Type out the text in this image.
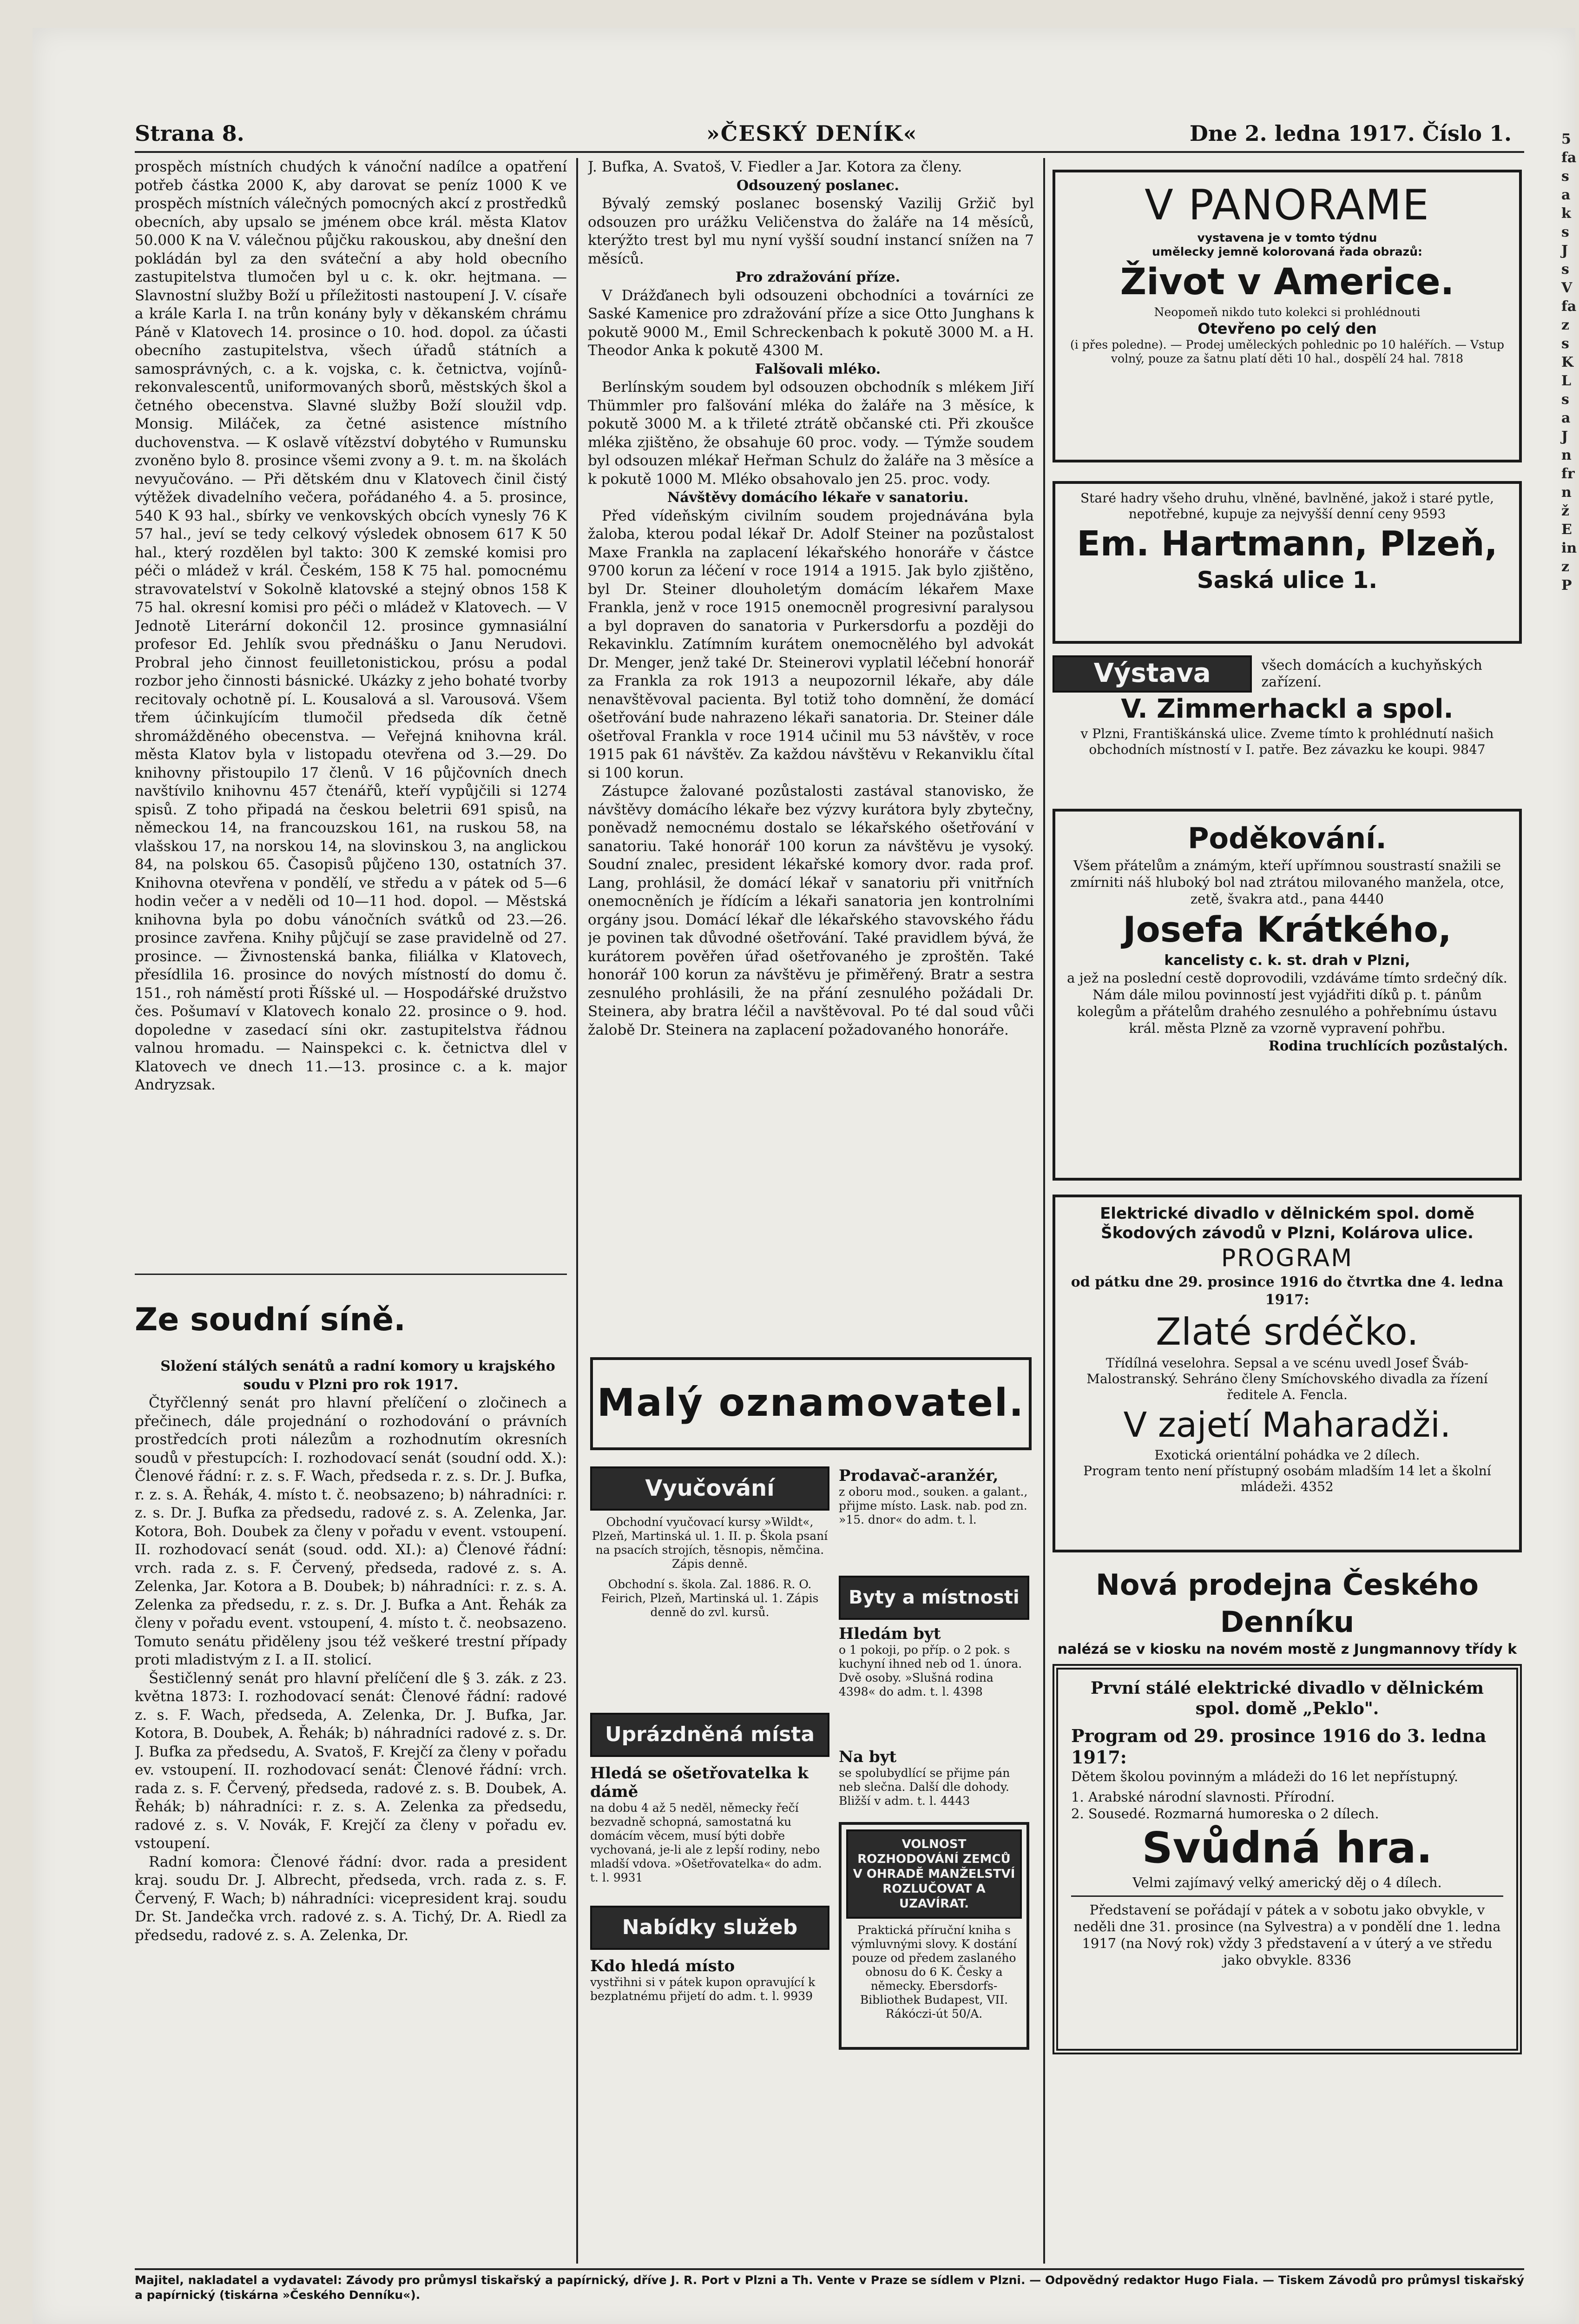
Strana 8.	»ČESKÝ DENÍK«	Dne 2. ledna 1917. Číslo 1.

prospěch místních chudých k vánoční nadílce a opatření potřeb částka 2000 K, aby darovat se peníz 1000 K ve prospěch místních válečných pomocných akcí z prostředků obecních, aby upsalo se jménem obce král. města Klatov 50.000 K na V. válečnou půjčku rakouskou, aby dnešní den pokládán byl za den sváteční a aby hold obecního zastupitelstva tlumočen byl u c. k. okr. hejtmana. — Slavnostní služby Boží u příležitosti nastoupení J. V. císaře a krále Karla I. na trůn konány byly v děkanském chrámu Páně v Klatovech 14. prosince o 10. hod. dopol. za účasti obecního zastupitelstva, všech úřadů státních a samosprávných, c. a k. vojska, c. k. četnictva, vojínů-rekonvalescentů, uniformovaných sborů, městských škol a četného obecenstva. Slavné služby Boží sloužil vdp. Monsig. Miláček, za četné asistence místního duchovenstva. — K oslavě vítězství dobytého v Rumunsku zvoněno bylo 8. prosince všemi zvony a 9. t. m. na školách nevyučováno. — Při dětském dnu v Klatovech činil čistý výtěžek divadelního večera, pořádaného 4. a 5. prosince, 540 K 93 hal., sbírky ve venkovských obcích vynesly 76 K 57 hal., jeví se tedy celkový výsledek obnosem 617 K 50 hal., který rozdělen byl takto: 300 K zemské komisi pro péči o mládež v král. Českém, 158 K 75 hal. pomocnému stravovatelství v Sokolně klatovské a stejný obnos 158 K 75 hal. okresní komisi pro péči o mládež v Klatovech. — V Jednotě Literární dokončil 12. prosince gymnasiální profesor Ed. Jehlík svou přednášku o Janu Nerudovi. Probral jeho činnost feuilletonistickou, prósu a podal rozbor jeho činnosti básnické. Ukázky z jeho bohaté tvorby recitovaly ochotně pí. L. Kousalová a sl. Varousová. Všem třem účinkujícím tlumočil předseda dík četně shromážděného obecenstva. — Veřejná knihovna král. města Klatov byla v listopadu otevřena od 3.—29. Do knihovny přistoupilo 17 členů. V 16 půjčovních dnech navštívilo knihovnu 457 čtenářů, kteří vypůjčili si 1274 spisů. Z toho připadá na českou beletrii 691 spisů, na německou 14, na francouzskou 161, na ruskou 58, na vlašskou 17, na norskou 14, na slovinskou 3, na anglickou 84, na polskou 65. Časopisů půjčeno 130, ostatních 37. Knihovna otevřena v pondělí, ve středu a v pátek od 5—6 hodin večer a v neděli od 10—11 hod. dopol. — Městská knihovna byla po dobu vánočních svátků od 23.—26. prosince zavřena. Knihy půjčují se zase pravidelně od 27. prosince. — Živnostenská banka, filiálka v Klatovech, přesídlila 16. prosince do nových místností do domu č. 151., roh náměstí proti Říšské ul. — Hospodářské družstvo čes. Pošumaví v Klatovech konalo 22. prosince o 9. hod. dopoledne v zasedací síni okr. zastupitelstva řádnou valnou hromadu. — Nainspekci c. k. četnictva dlel v Klatovech ve dnech 11.—13. prosince c. a k. major Andryzsak.

Ze soudní síně.

Složení stálých senátů a radní komory u krajského soudu v Plzni pro rok 1917.

Čtyřčlenný senát pro hlavní přelíčení o zločinech a přečinech, dále projednání o rozhodování o právních prostředcích proti nálezům a rozhodnutím okresních soudů v přestupcích: I. rozhodovací senát (soudní odd. X.): Členové řádní: r. z. s. F. Wach, předseda r. z. s. Dr. J. Bufka, r. z. s. A. Řehák, 4. místo t. č. neobsazeno; b) náhradníci: r. z. s. Dr. J. Bufka za předsedu, radové z. s. A. Zelenka, Jar. Kotora, Boh. Doubek za členy v pořadu v event. vstoupení. II. rozhodovací senát (soud. odd. XI.): a) Členové řádní: vrch. rada z. s. F. Červený, předseda, radové z. s. A. Zelenka, Jar. Kotora a B. Doubek; b) náhradníci: r. z. s. A. Zelenka za předsedu, r. z. s. Dr. J. Bufka a Ant. Řehák za členy v pořadu event. vstoupení, 4. místo t. č. neobsazeno. Tomuto senátu přiděleny jsou též veškeré trestní případy proti mladistvým z I. a II. stolicí.

Šestičlenný senát pro hlavní přelíčení dle § 3. zák. z 23. května 1873: I. rozhodovací senát: Členové řádní: radové z. s. F. Wach, předseda, A. Zelenka, Dr. J. Bufka, Jar. Kotora, B. Doubek, A. Řehák; b) náhradníci radové z. s. Dr. J. Bufka za předsedu, A. Svatoš, F. Krejčí za členy v pořadu ev. vstoupení. II. rozhodovací senát: Členové řádní: vrch. rada z. s. F. Červený, předseda, radové z. s. B. Doubek, A. Řehák; b) náhradníci: r. z. s. A. Zelenka za předsedu, radové z. s. V. Novák, F. Krejčí za členy v pořadu ev. vstoupení.

Radní komora: Členové řádní: dvor. rada a president kraj. soudu Dr. J. Albrecht, předseda, vrch. rada z. s. F. Červený, F. Wach; b) náhradníci: vicepresident kraj. soudu Dr. St. Jandečka vrch. radové z. s. A. Tichý, Dr. A. Riedl za předsedu, radové z. s. A. Zelenka, Dr.

J. Bufka, A. Svatoš, V. Fiedler a Jar. Kotora za členy.

Odsouzený poslanec.

Bývalý zemský poslanec bosenský Vazilij Gržič byl odsouzen pro urážku Veličenstva do žaláře na 14 měsíců, kterýžto trest byl mu nyní vyšší soudní instancí snížen na 7 měsíců.

Pro zdražování příze.

V Drážďanech byli odsouzeni obchodníci a továrníci ze Saské Kamenice pro zdražování příze a sice Otto Junghans k pokutě 9000 M., Emil Schreckenbach k pokutě 3000 M. a H. Theodor Anka k pokutě 4300 M.

Falšovali mléko.

Berlínským soudem byl odsouzen obchodník s mlékem Jiří Thümmler pro falšování mléka do žaláře na 3 měsíce, k pokutě 3000 M. a k třileté ztrátě občanské cti. Při zkoušce mléka zjištěno, že obsahuje 60 proc. vody. — Týmže soudem byl odsouzen mlékař Heřman Schulz do žaláře na 3 měsíce a k pokutě 1000 M. Mléko obsahovalo jen 25. proc. vody.

Návštěvy domácího lékaře v sanatoriu.

Před vídeňským civilním soudem projednávána byla žaloba, kterou podal lékař Dr. Adolf Steiner na pozůstalost Maxe Frankla na zaplacení lékařského honoráře v částce 9700 korun za léčení v roce 1914 a 1915. Jak bylo zjištěno, byl Dr. Steiner dlouholetým domácím lékařem Maxe Frankla, jenž v roce 1915 onemocněl progresivní paralysou a byl dopraven do sanatoria v Purkersdorfu a později do Rekavinklu. Zatímním kurátem onemocnělého byl advokát Dr. Menger, jenž také Dr. Steinerovi vyplatil léčební honorář za Frankla za rok 1913 a neupozornil lékaře, aby dále nenavštěvoval pacienta. Byl totiž toho domnění, že domácí ošetřování bude nahrazeno lékaři sanatoria. Dr. Steiner dále ošetřoval Frankla v roce 1914 učinil mu 53 návštěv, v roce 1915 pak 61 návštěv. Za každou návštěvu v Rekanviklu čítal si 100 korun.

Zástupce žalované pozůstalosti zastával stanovisko, že návštěvy domácího lékaře bez výzvy kurátora byly zbytečny, poněvadž nemocnému dostalo se lékařského ošetřování v sanatoriu. Také honorář 100 korun za návštěvu je vysoký. Soudní znalec, president lékařské komory dvor. rada prof. Lang, prohlásil, že domácí lékař v sanatoriu při vnitřních onemocněních je řídícím a lékaři sanatoria jen kontrolními orgány jsou. Domácí lékař dle lékařského stavovského řádu je povinen tak důvodné ošetřování. Také pravidlem bývá, že kurátorem pověřen úřad ošetřovaného je zproštěn. Také honorář 100 korun za návštěvu je přiměřený. Bratr a sestra zesnulého prohlásili, že na přání zesnulého požádali Dr. Steinera, aby bratra léčil a navštěvoval. Po té dal soud vůči žalobě Dr. Steinera na zaplacení požadovaného honoráře.

Malý oznamovatel.
Vyučování
Obchodní vyučovací kursy »Wildt«, Plzeň, Martinská ul. 1. II. p. Škola psaní na psacích strojích, těsnopis, němčina. Zápis denně.
Obchodní s. škola. Zal. 1886. R. O. Feirich, Plzeň, Martinská ul. 1. Zápis denně do zvl. kursů.
Uprázdněná místa
Hledá se ošetřovatelka k dámě
na dobu 4 až 5 neděl, německy řečí bezvadně schopná, samostatná ku domácím věcem, musí býti dobře vychovaná, je-li ale z lepší rodiny, nebo mladší vdova. »Ošetřovatelka« do adm. t. l. 9931
Nabídky služeb
Kdo hledá místo
vystřihni si v pátek kupon opravující k bezplatnému přijetí do adm. t. l. 9939
Prodavač-aranžér,
z oboru mod., souken. a galant., přijme místo. Lask. nab. pod zn. »15. dnor« do adm. t. l.
Byty a místnosti
Hledám byt
o 1 pokoji, po příp. o 2 pok. s kuchyní ihned neb od 1. února. Dvě osoby. »Slušná rodina 4398« do adm. t. l. 4398
Na byt
se spolubydlící se přijme pán neb slečna. Další dle dohody. Bližší v adm. t. l. 4443
VOLNOST ROZHODOVÁNÍ ZEMCŮ V OHRADĚ MANŽELSTVÍ ROZLUČOVAT A UZAVÍRAT.
Praktická příruční kniha s výmluvnými slovy. K dostání pouze od předem zaslaného obnosu do 6 K. Česky a německy. Ebersdorfs-Bibliothek Budapest, VII. Rákóczi-út 50/A.
V PANORAME
vystavena je v tomto týdnu
umělecky jemně kolorovaná řada obrazů:
Život v Americe.
Neopomeň nikdo tuto kolekci si prohlédnouti
Otevřeno po celý den
(i přes poledne). — Prodej uměleckých pohlednic po 10 haléřích. — Vstup volný, pouze za šatnu platí děti 10 hal., dospělí 24 hal. 7818
Staré hadry všeho druhu, vlněné, bavlněné, jakož i staré pytle, nepotřebné, kupuje za nejvyšší denní ceny 9593
Em. Hartmann, Plzeň,
Saská ulice 1.
Výstava	všech domácích a kuchyňských zařízení.
V. Zimmerhackl a spol.
v Plzni, Františkánská ulice. Zveme tímto k prohlédnutí našich obchodních místností v I. patře. Bez závazku ke koupi. 9847
Poděkování.
Všem přátelům a známým, kteří upřímnou soustrastí snažili se zmírniti náš hluboký bol nad ztrátou milovaného manžela, otce, zetě, švakra atd., pana 4440
Josefa Krátkého,
kancelisty c. k. st. drah v Plzni,
a jež na poslední cestě doprovodili, vzdáváme tímto srdečný dík.
Nám dále milou povinností jest vyjádřiti díků p. t. pánům kolegům a přátelům drahého zesnulého a pohřebnímu ústavu král. města Plzně za vzorně vypravení pohřbu.
Rodina truchlících pozůstalých.
Elektrické divadlo v dělnickém spol. domě Škodových závodů v Plzni, Kolárova ulice.
PROGRAM
od pátku dne 29. prosince 1916 do čtvrtka dne 4. ledna 1917:
Zlaté srdéčko.
Třídílná veselohra. Sepsal a ve scénu uvedl Josef Šváb-Malostranský. Sehráno členy Smíchovského divadla za řízení ředitele A. Fencla.
V zajetí Maharadži.
Exotická orientální pohádka ve 2 dílech.
Program tento není přístupný osobám mladším 14 let a školní mládeži. 4352
Nová prodejna Českého Denníku
nalézá se v kiosku na novém mostě z Jungmannovy třídy k
První stálé elektrické divadlo v dělnickém spol. domě „Peklo".
Program od 29. prosince 1916 do 3. ledna 1917:
Dětem školou povinným a mládeži do 16 let nepřístupný.
1. Arabské národní slavnosti. Přírodní.
2. Sousedé. Rozmarná humoreska o 2 dílech.
Svůdná hra.
Velmi zajímavý velký americký děj o 4 dílech.
Představení se pořádají v pátek a v sobotu jako obvykle, v neděli dne 31. prosince (na Sylvestra) a v pondělí dne 1. ledna 1917 (na Nový rok) vždy 3 představení a v úterý a ve středu jako obvykle. 8336
Majitel, nakladatel a vydavatel: Závody pro průmysl tiskařský a papírnický, dříve J. R. Port v Plzni a Th. Vente v Praze se sídlem v Plzni. — Odpovědný redaktor Hugo Fiala. — Tiskem Závodů pro průmysl tiskařský a papírnický (tiskárna »Českého Denníku«).
5
fa
s
a
k
s
J
s
V
fa
z
s
K
L
s
a
J
n
fr
n
ž
E
in
z
P
